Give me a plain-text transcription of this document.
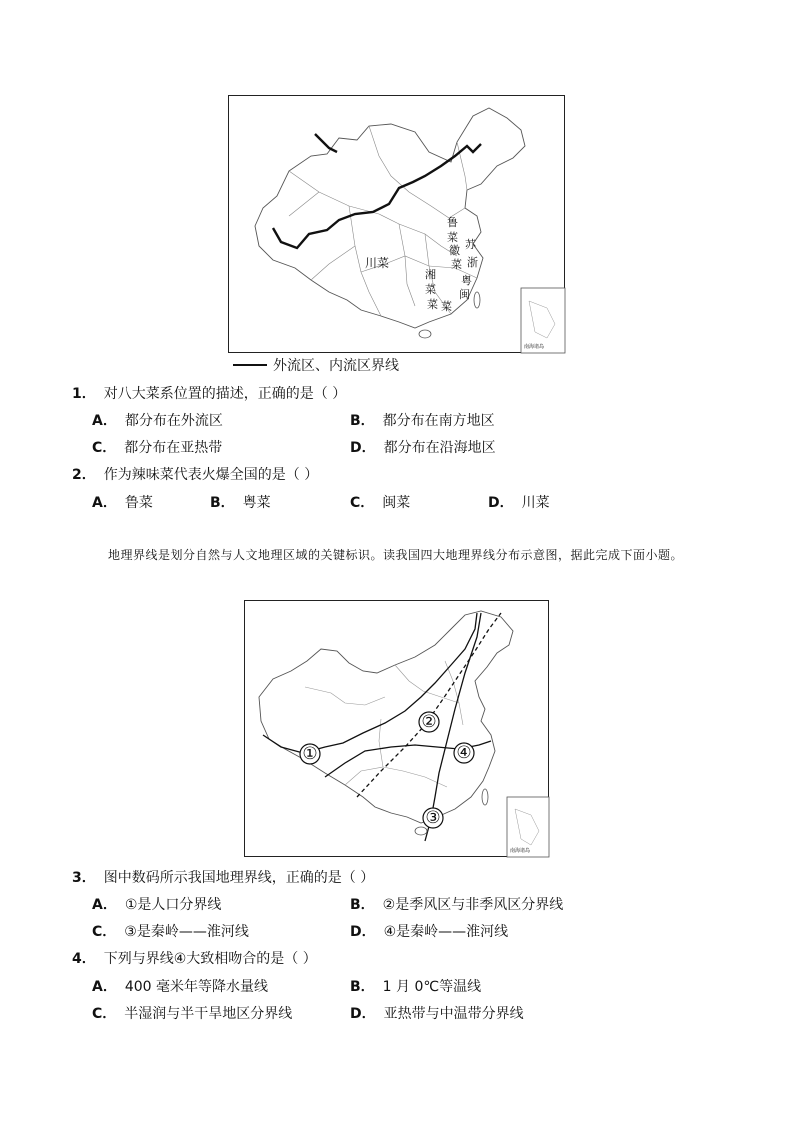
川菜
鲁
菜
徽
菜
苏
浙
粤
闽
湘
菜
菜
菜
南海诸岛
外流区、内流区界线
1． 对八大菜系位置的描述，正确的是（ ）
A． 都分布在外流区	B． 都分布在南方地区
C． 都分布在亚热带	D． 都分布在沿海地区
2． 作为辣味菜代表火爆全国的是（ ）
A． 鲁菜	B． 粤菜	C． 闽菜	D． 川菜
地理界线是划分自然与人文地理区域的关键标识。读我国四大地理界线分布示意图，据此完成下面小题。
①
②
③
④
南海诸岛
3． 图中数码所示我国地理界线，正确的是（ ）
A． ①是人口分界线	B． ②是季风区与非季风区分界线
C． ③是秦岭——淮河线	D． ④是秦岭——淮河线
4． 下列与界线④大致相吻合的是（ ）
A． 400 毫米年等降水量线	B． 1 月 0℃等温线
C． 半湿润与半干旱地区分界线	D． 亚热带与中温带分界线
